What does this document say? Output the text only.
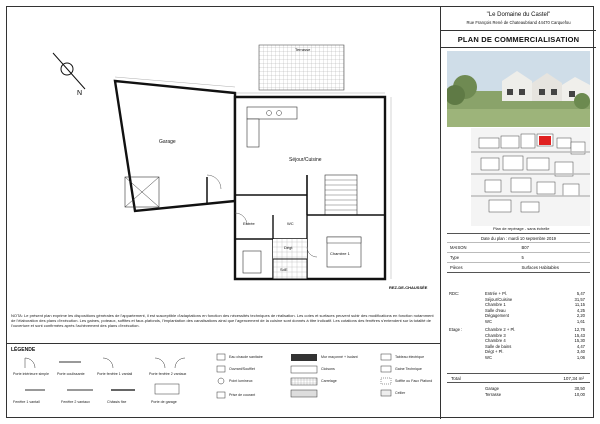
N
Terrasse
Garage
Séjour/Cuisine
Entrée	WC
Dégt
Chambre 1
SdE
REZ-DE-CHAUSSÉE
NOTA: Le présent plan exprime les dispositions générales de l'appartement, il est susceptible d'adaptations en fonction des nécessités techniques de réalisation. Les cotes et surfaces peuvent subir des modifications en fonction notamment de l'élaboration des plans d'exécution. Les gaines, poteaux, soffites et faux-plafonds, l'implantation des canalisations ainsi que l'agencement de la cuisine sont donnés à titre indicatif. Les cotations des fenêtres s'entendent sur la totalité de l'ouverture et sont confirmées après l'achèvement des plans d'exécution.
LÉGENDE
Porte intérieure simple Porte coulissante	Porte fenêtre 1 vantail	Porte fenêtre 2 vantaux
Fenêtre 1 vantail	Fenêtre 2 vantaux	Châssis fixe	Porte de garage
Eau chaude sanitaire
Ouvrant/Soufflet
Point lumineux
Prise de courant
Mur maçonné + Isolant
Cloisons
Carrelage
Tableau électrique
Gaine Technique
Soffite ou Faux Plafond
Cellier
"Le Domaine du Castel"
Rue François René de Chateaubriand 44470 Carquefou
PLAN DE COMMERCIALISATION
Plan de repérage - sans échelle
Date du plan : mardi 10 septembre 2019
MAISON	B07
Type	5
Pièces	Surfaces Habitables
RDC:	Entrée + Pl.	5,47
Séjour/Cuisine	31,57
Chambre 1	11,15
Salle d'eau	4,25
Dégagement	2,20
WC	1,61
Etage :	Chambre 2 + Pl.	12,76
Chambre 3	15,43
Chambre 4	15,30
Salle de bains	4,47
Dégt + Pl.	3,40
WC	1,06
Total	107,34 m²
Garage	30,50
Terrasse	10,00
